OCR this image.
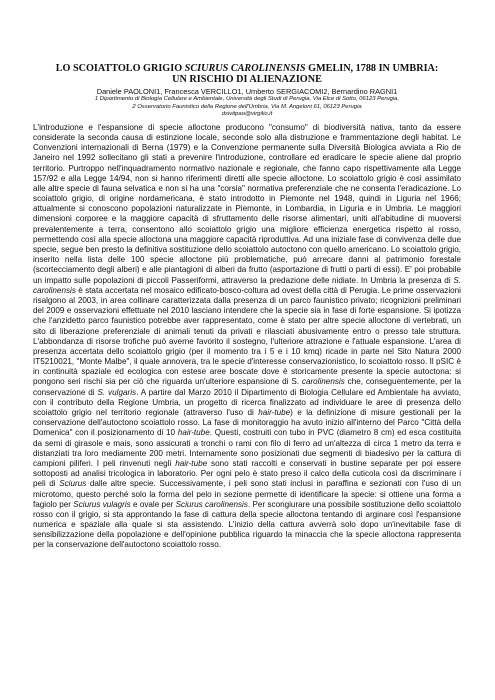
LO SCOIATTOLO GRIGIO SCIURUS CAROLINENSIS GMELIN, 1788 IN UMBRIA:
UN RISCHIO DI ALIENAZIONE
Daniele PAOLONI1, Francesca VERCILLO1, Umberto SERGIACOMI2, Bernardino RAGNI1
1 Dipartimento di Biologia Cellulare e Ambientale, Università degli Studi di Perugia, Via Elce di Sotto, 06123 Perugia,
2 Osservatorio Faunistico della Regione dell'Umbria, Via M. Angeloni 61, 06123 Perugia
dsivitpao@virgilio.it

L'introduzione e l'espansione di specie alloctone producono "consumo" di biodiversità nativa, tanto da essere considerate la seconda causa di estinzione locale, seconde solo alla distruzione e frammentazione degli habitat. Le Convenzioni internazionali di Berna (1979) e la Convenzione permanente sulla Diversità Biologica avviata a Rio de Janeiro nel 1992 sollecitano gli stati a prevenire l'introduzione, controllare ed eradicare le specie aliene dal proprio territorio. Purtroppo nell'inquadramento normativo nazionale e regionale, che fanno capo rispettivamente alla Legge 157/92 e alla Legge 14/94, non si hanno riferimenti diretti alle specie alloctone. Lo scoiattolo grigio è così assimilato alle altre specie di fauna selvatica e non si ha una "corsia" normativa preferenziale che ne consenta l'eradicazione. Lo scoiattolo grigio, di origine nordamericana, è stato introdotto in Piemonte nel 1948, quindi in Liguria nel 1966; attualmente si conoscono popolazioni naturalizzate in Piemonte, in Lombardia, in Liguria e in Umbria. Le maggiori dimensioni corporee e la maggiore capacità di sfruttamento delle risorse alimentari, uniti all'abitudine di muoversi prevalentemente a terra, consentono allo scoiattolo grigio una migliore efficienza energetica rispetto al rosso, permettendo così alla specie alloctona una maggiore capacità riproduttiva. Ad una iniziale fase di convivenza delle due specie, segue ben presto la definitiva sostituzione dello scoiattolo autoctono con quello americano. Lo scoiattolo grigio, inserito nella lista delle 100 specie alloctone più problematiche, può arrecare danni al patrimonio forestale (scortecciamento degli alberi) e alle piantagioni di alberi da frutto (asportazione di frutti o parti di essi). E' poi probabile un impatto sulle popolazioni di piccoli Passeriformi, attraverso la predazione delle nidiate. In Umbria la presenza di S. carolinensis è stata accertata nel mosaico edificato-bosco-coltura ad ovest della città di Perugia. Le prime osservazioni risalgono al 2003, in area collinare caratterizzata dalla presenza di un parco faunistico privato; ricognizioni preliminari del 2009 e osservazioni effettuate nel 2010 lasciano intendere che la specie sia in fase di forte espansione. Si ipotizza che l'anzidetto parco faunistico potrebbe aver rappresentato, come è stato per altre specie alloctone di vertebrati, un sito di liberazione preferenziale di animali tenuti da privati e rilasciati abusivamente entro o presso tale struttura. L'abbondanza di risorse trofiche può averne favorito il sostegno, l'ulteriore attrazione e l'attuale espansione. L'area di presenza accertata dello scoiattolo grigio (per il momento tra i 5 e i 10 kmq) ricade in parte nel Sito Natura 2000 IT5210021, "Monte Malbe", il quale annovera, tra le specie d'interesse conservazionistico, lo scoiattolo rosso. Il pSIC è in continuità spaziale ed ecologica con estese aree boscate dove è storicamente presente la specie autoctona: si pongono seri rischi sia per ciò che riguarda un'ulteriore espansione di S. carolinensis che, conseguentemente, per la conservazione di S. vulgaris. A partire dal Marzo 2010 il Dipartimento di Biologia Cellulare ed Ambientale ha avviato, con il contributo della Regione Umbria, un progetto di ricerca finalizzato ad individuare le aree di presenza dello scoiattolo grigio nel territorio regionale (attraverso l'uso di hair-tube) e la definizione di misure gestionali per la conservazione dell'autoctono scoiattolo rosso. La fase di monitoraggio ha avuto inizio all'interno del Parco "Città della Domenica" con il posizionamento di 10 hair-tube. Questi, costruiti con tubo in PVC (diametro 8 cm) ed esca costituita da semi di girasole e mais, sono assicurati a tronchi o rami con filo di ferro ad un'altezza di circa 1 metro da terra e distanziati tra loro mediamente 200 metri. Internamente sono posizionati due segmenti di biadesivo per la cattura di campioni piliferi. I peli rinvenuti negli hair-tube sono stati raccolti e conservati in bustine separate per poi essere sottoposti ad analisi tricologica in laboratorio. Per ogni pelo è stato preso il calco della cuticola così da discriminare i peli di Sciurus dalle altre specie. Successivamente, i peli sono stati inclusi in paraffina e sezionati con l'uso di un microtomo, questo perché solo la forma del pelo in sezione permette di identificare la specie: si ottiene una forma a fagiolo per Sciurus vulagris e ovale per Sciurus carolinensis. Per scongiurare una possibile sostituzione dello scoiattolo rosso con il grigio, si sta approntando la fase di cattura della specie alloctona tentando di arginare così l'espansione numerica e spaziale alla quale si sta assistendo. L'inizio della cattura avverrà solo dopo un'inevitabile fase di sensibilizzazione della popolazione e dell'opinione pubblica riguardo la minaccia che la specie alloctona rappresenta per la conservazione dell'autoctono scoiattolo rosso.
